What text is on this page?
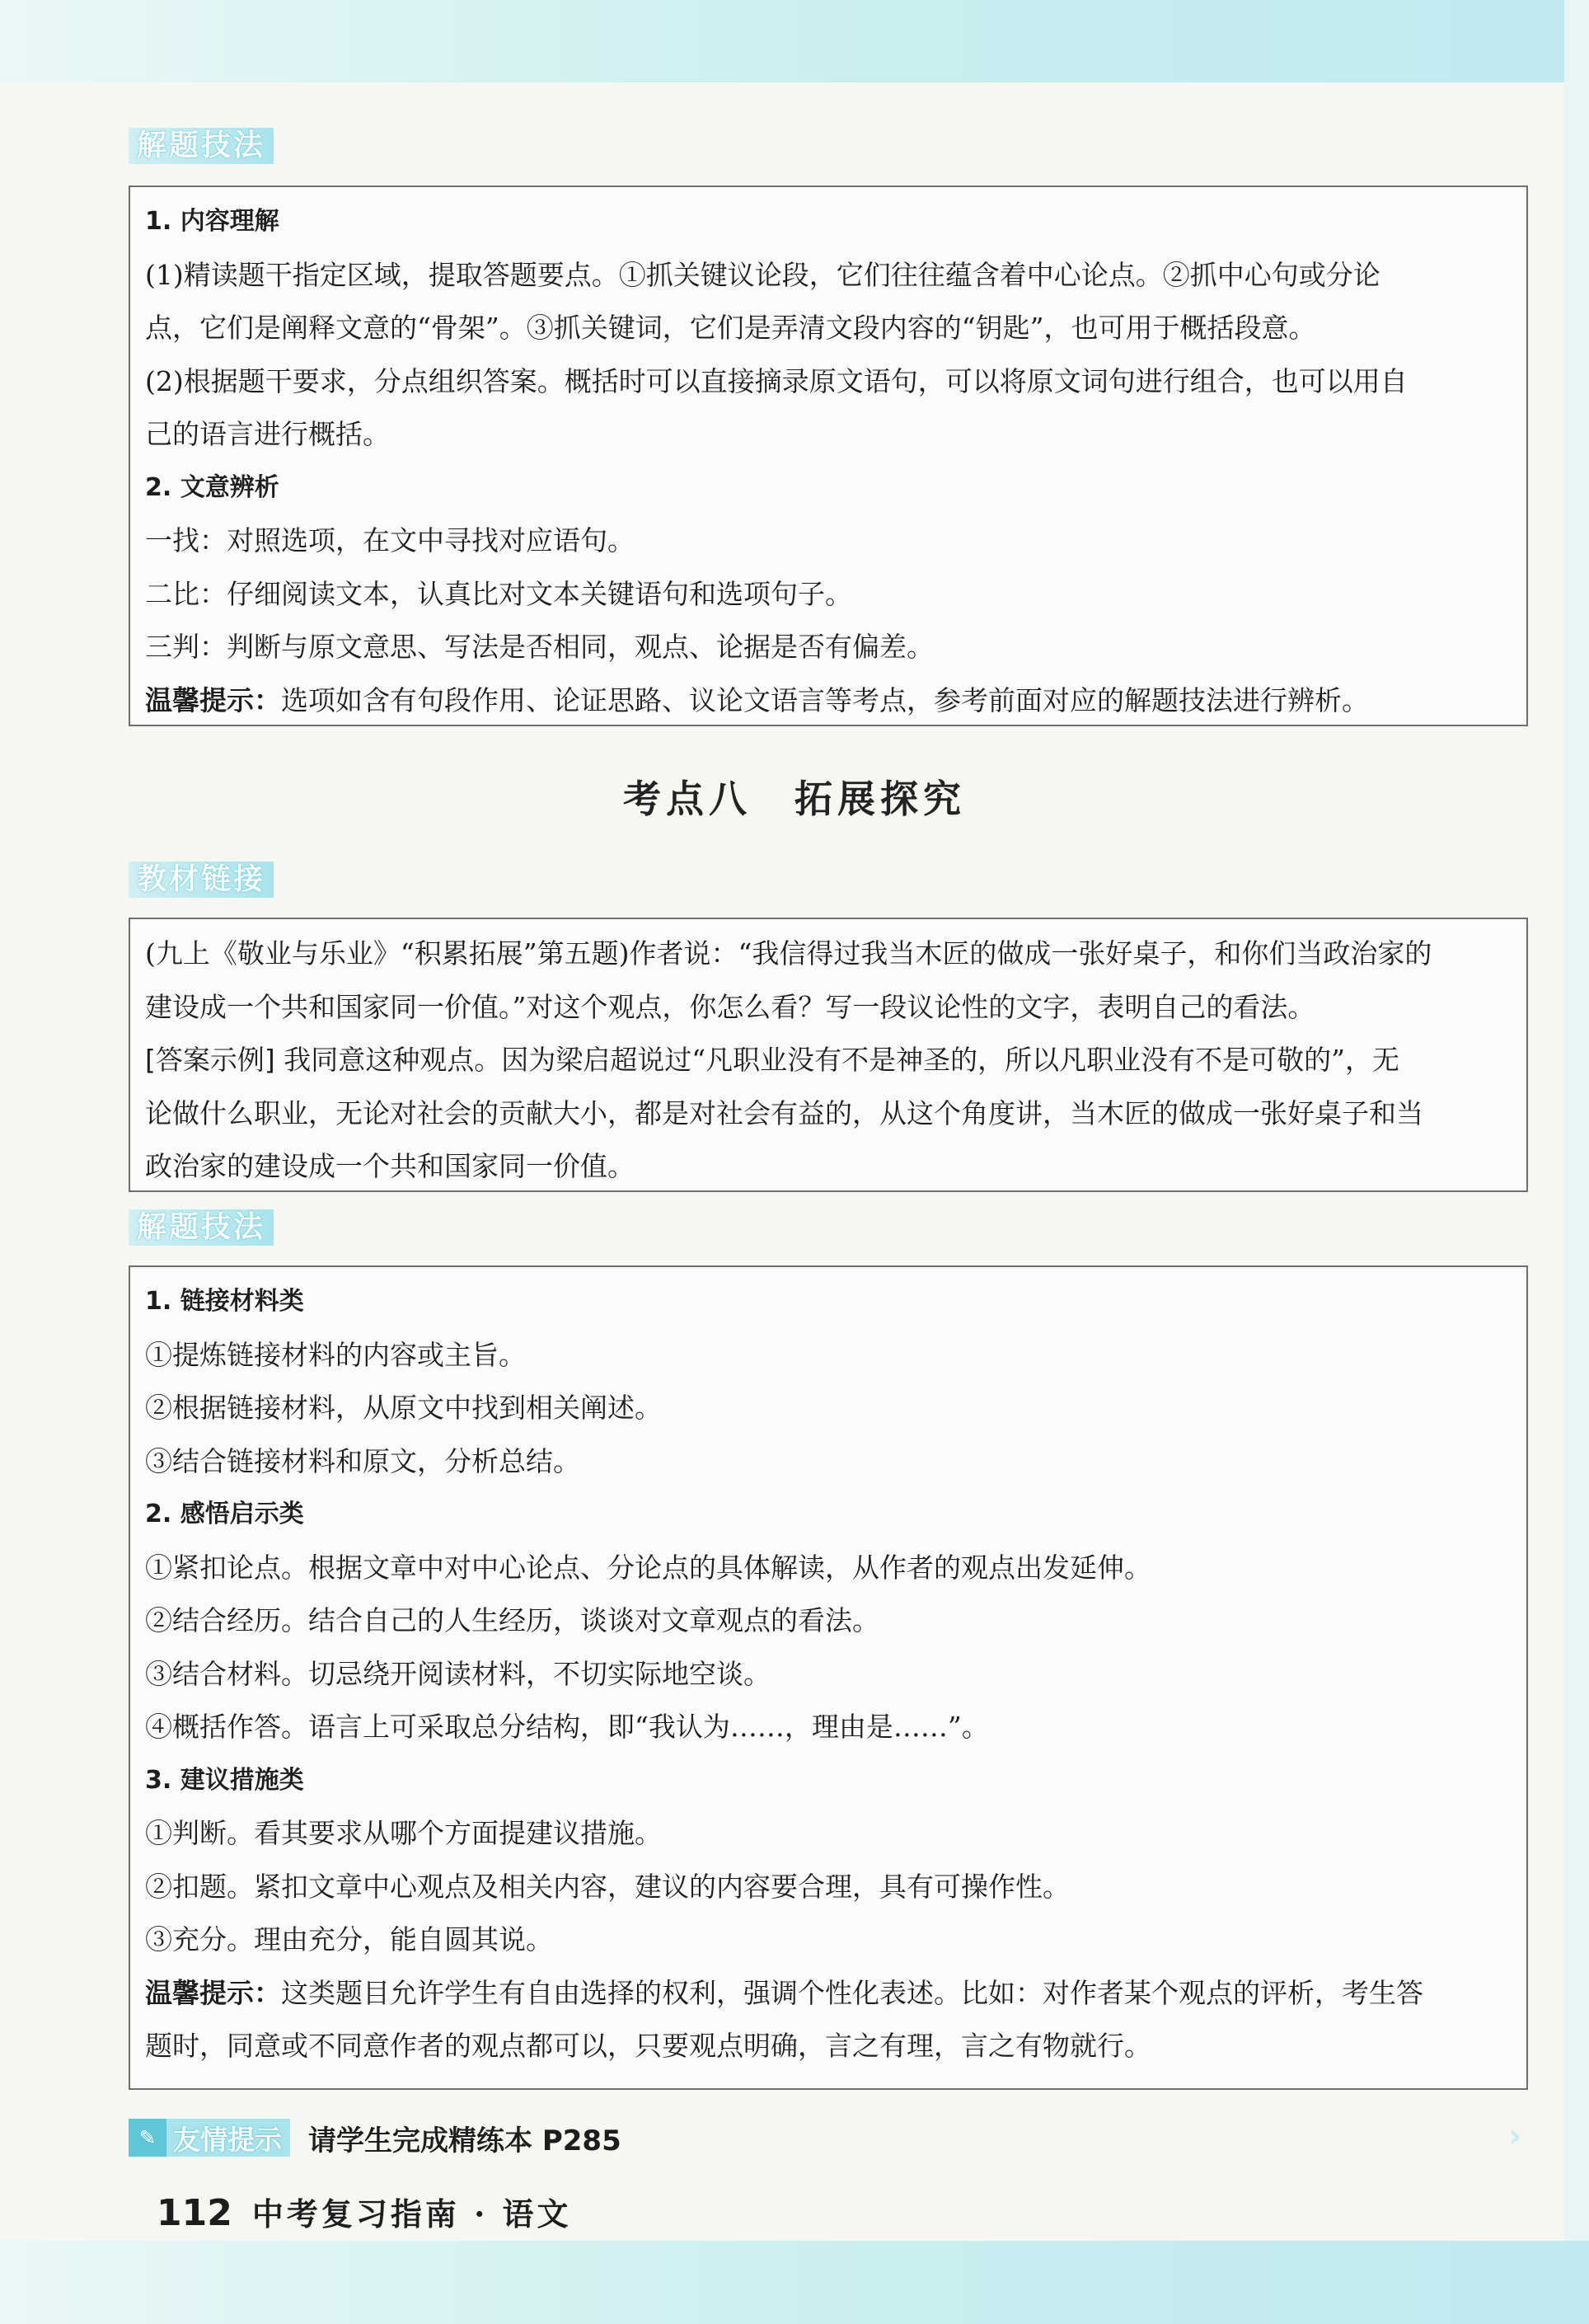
解题技法
1. 内容理解
(1)精读题干指定区域，提取答题要点。①抓关键议论段，它们往往蕴含着中心论点。②抓中心句或分论
点，它们是阐释文意的“骨架”。③抓关键词，它们是弄清文段内容的“钥匙”，也可用于概括段意。
(2)根据题干要求，分点组织答案。概括时可以直接摘录原文语句，可以将原文词句进行组合，也可以用自
己的语言进行概括。
2. 文意辨析
一找：对照选项，在文中寻找对应语句。
二比：仔细阅读文本，认真比对文本关键语句和选项句子。
三判：判断与原文意思、写法是否相同，观点、论据是否有偏差。
温馨提示：选项如含有句段作用、论证思路、议论文语言等考点，参考前面对应的解题技法进行辨析。
考点八　拓展探究
教材链接
(九上《敬业与乐业》“积累拓展”第五题)作者说：“我信得过我当木匠的做成一张好桌子，和你们当政治家的
建设成一个共和国家同一价值。”对这个观点，你怎么看？写一段议论性的文字，表明自己的看法。
[答案示例] 我同意这种观点。因为梁启超说过“凡职业没有不是神圣的，所以凡职业没有不是可敬的”，无
论做什么职业，无论对社会的贡献大小，都是对社会有益的，从这个角度讲，当木匠的做成一张好桌子和当
政治家的建设成一个共和国家同一价值。
解题技法
1. 链接材料类
①提炼链接材料的内容或主旨。
②根据链接材料，从原文中找到相关阐述。
③结合链接材料和原文，分析总结。
2. 感悟启示类
①紧扣论点。根据文章中对中心论点、分论点的具体解读，从作者的观点出发延伸。
②结合经历。结合自己的人生经历，谈谈对文章观点的看法。
③结合材料。切忌绕开阅读材料，不切实际地空谈。
④概括作答。语言上可采取总分结构，即“我认为……，理由是……”。
3. 建议措施类
①判断。看其要求从哪个方面提建议措施。
②扣题。紧扣文章中心观点及相关内容，建议的内容要合理，具有可操作性。
③充分。理由充分，能自圆其说。
温馨提示：这类题目允许学生有自由选择的权利，强调个性化表述。比如：对作者某个观点的评析，考生答
题时，同意或不同意作者的观点都可以，只要观点明确，言之有理，言之有物就行。
✎ 友情提示 请学生完成精练本 P285	›
112 中考复习指南 · 语文
